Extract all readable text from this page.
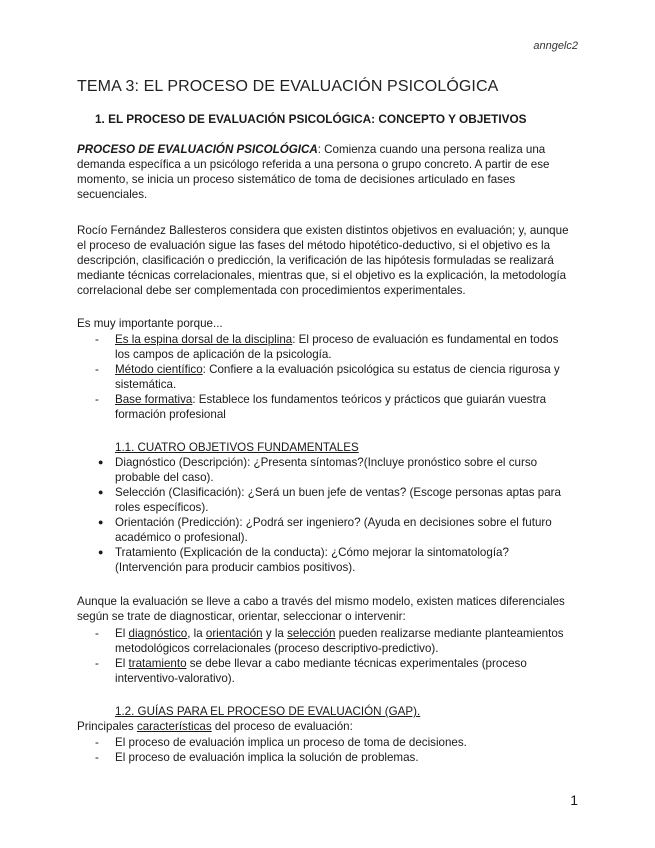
anngelc2
TEMA 3: EL PROCESO DE EVALUACIÓN PSICOLÓGICA
1. EL PROCESO DE EVALUACIÓN PSICOLÓGICA: CONCEPTO Y OBJETIVOS

PROCESO DE EVALUACIÓN PSICOLÓGICA: Comienza cuando una persona realiza una demanda específica a un psicólogo referida a una persona o grupo concreto. A partir de ese momento, se inicia un proceso sistemático de toma de decisiones articulado en fases secuenciales.

Rocío Fernández Ballesteros considera que existen distintos objetivos en evaluación; y, aunque el proceso de evaluación sigue las fases del método hipotético-deductivo, si el objetivo es la descripción, clasificación o predicción, la verificación de las hipótesis formuladas se realizará mediante técnicas correlacionales, mientras que, si el objetivo es la explicación, la metodología correlacional debe ser complementada con procedimientos experimentales.

Es muy importante porque...

- Es la espina dorsal de la disciplina: El proceso de evaluación es fundamental en todos los campos de aplicación de la psicología.
- Método científico: Confiere a la evaluación psicológica su estatus de ciencia rigurosa y sistemática.
- Base formativa: Establece los fundamentos teóricos y prácticos que guiarán vuestra formación profesional
1.1. CUATRO OBJETIVOS FUNDAMENTALES
● Diagnóstico (Descripción): ¿Presenta síntomas?(Incluye pronóstico sobre el curso probable del caso).
● Selección (Clasificación): ¿Será un buen jefe de ventas? (Escoge personas aptas para roles específicos).
● Orientación (Predicción): ¿Podrá ser ingeniero? (Ayuda en decisiones sobre el futuro académico o profesional).
● Tratamiento (Explicación de la conducta): ¿Cómo mejorar la sintomatología? (Intervención para producir cambios positivos).

Aunque la evaluación se lleve a cabo a través del mismo modelo, existen matices diferenciales según se trate de diagnosticar, orientar, seleccionar o intervenir:

- El diagnóstico, la orientación y la selección pueden realizarse mediante planteamientos metodológicos correlacionales (proceso descriptivo-predictivo).
- El tratamiento se debe llevar a cabo mediante técnicas experimentales (proceso interventivo-valorativo).
1.2. GUÍAS PARA EL PROCESO DE EVALUACIÓN (GAP).

Principales características del proceso de evaluación:

- El proceso de evaluación implica un proceso de toma de decisiones.
- El proceso de evaluación implica la solución de problemas.
1
